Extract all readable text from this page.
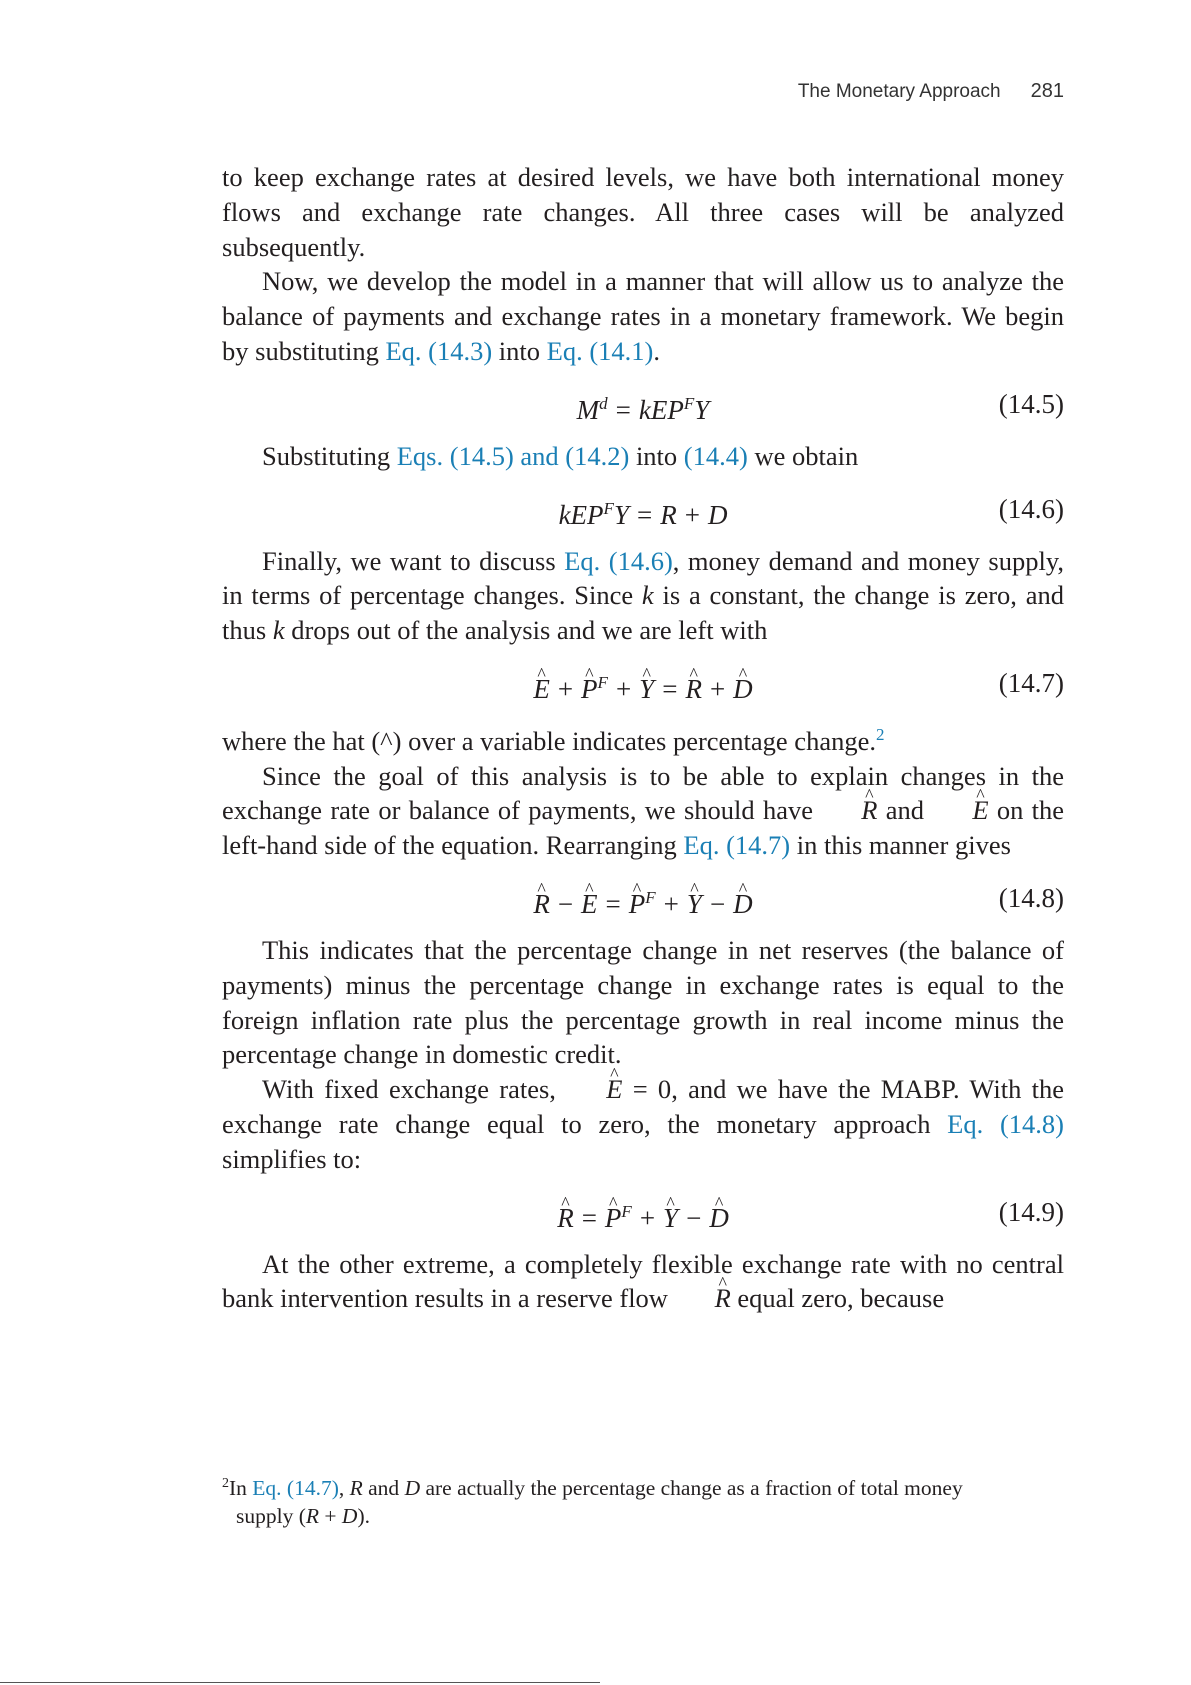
The Monetary Approach 281

to keep exchange rates at desired levels, we have both international money flows and exchange rate changes. All three cases will be analyzed subsequently.

Now, we develop the model in a manner that will allow us to analyze the balance of payments and exchange rates in a monetary framework. We begin by substituting Eq. (14.3) into Eq. (14.1).

$M^d = kEP^FY$	(14.5)

Substituting Eqs. (14.5) and (14.2) into (14.4) we obtain

kEP$^F$Y = R + D	(14.6)

Finally, we want to discuss Eq. (14.6), money demand and money supply, in terms of percentage changes. Since k is a constant, the change is zero, and thus k drops out of the analysis and we are left with

^ E + ^ $P^F$ + ^ Y = ^ R + ^ D	(14.7)

where the hat (^) over a variable indicates percentage change.$^2$

Since the goal of this analysis is to be able to explain changes in the exchange rate or balance of payments, we should have ^ R and ^ E on the left-hand side of the equation. Rearranging Eq. (14.7) in this manner gives

^ R − ^ E = ^ $P^F$ + ^ Y − ^ D	(14.8)

This indicates that the percentage change in net reserves (the balance of payments) minus the percentage change in exchange rates is equal to the foreign inflation rate plus the percentage growth in real income minus the percentage change in domestic credit.

With fixed exchange rates, ^ E = 0, and we have the MABP. With the exchange rate change equal to zero, the monetary approach Eq. (14.8) simplifies to:

^ R = ^ $P^F$ + ^ Y − ^ D	(14.9)

At the other extreme, a completely flexible exchange rate with no central bank intervention results in a reserve flow ^ R equal zero, because

$^2$In Eq. (14.7), R and D are actually the percentage change as a fraction of total money
supply (R + D).
